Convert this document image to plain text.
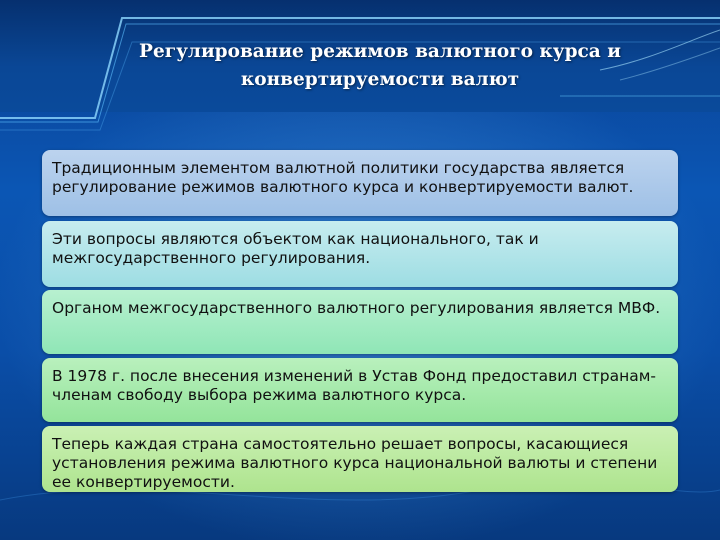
Регулирование режимов валютного курса и
конвертируемости валют
Традиционным элементом валютной политики государства является регулирование режимов валютного курса и конвертируемости валют.
Эти вопросы являются объектом как национального, так и межгосударственного регулирования.
Органом межгосударственного валютного регулирования является МВФ.
В 1978 г. после внесения изменений в Устав Фонд предоставил странам-членам свободу выбора режима валютного курса.
Теперь каждая страна самостоятельно решает вопросы, касающиеся установления режима валютного курса национальной валюты и степени ее конвертируемости.
